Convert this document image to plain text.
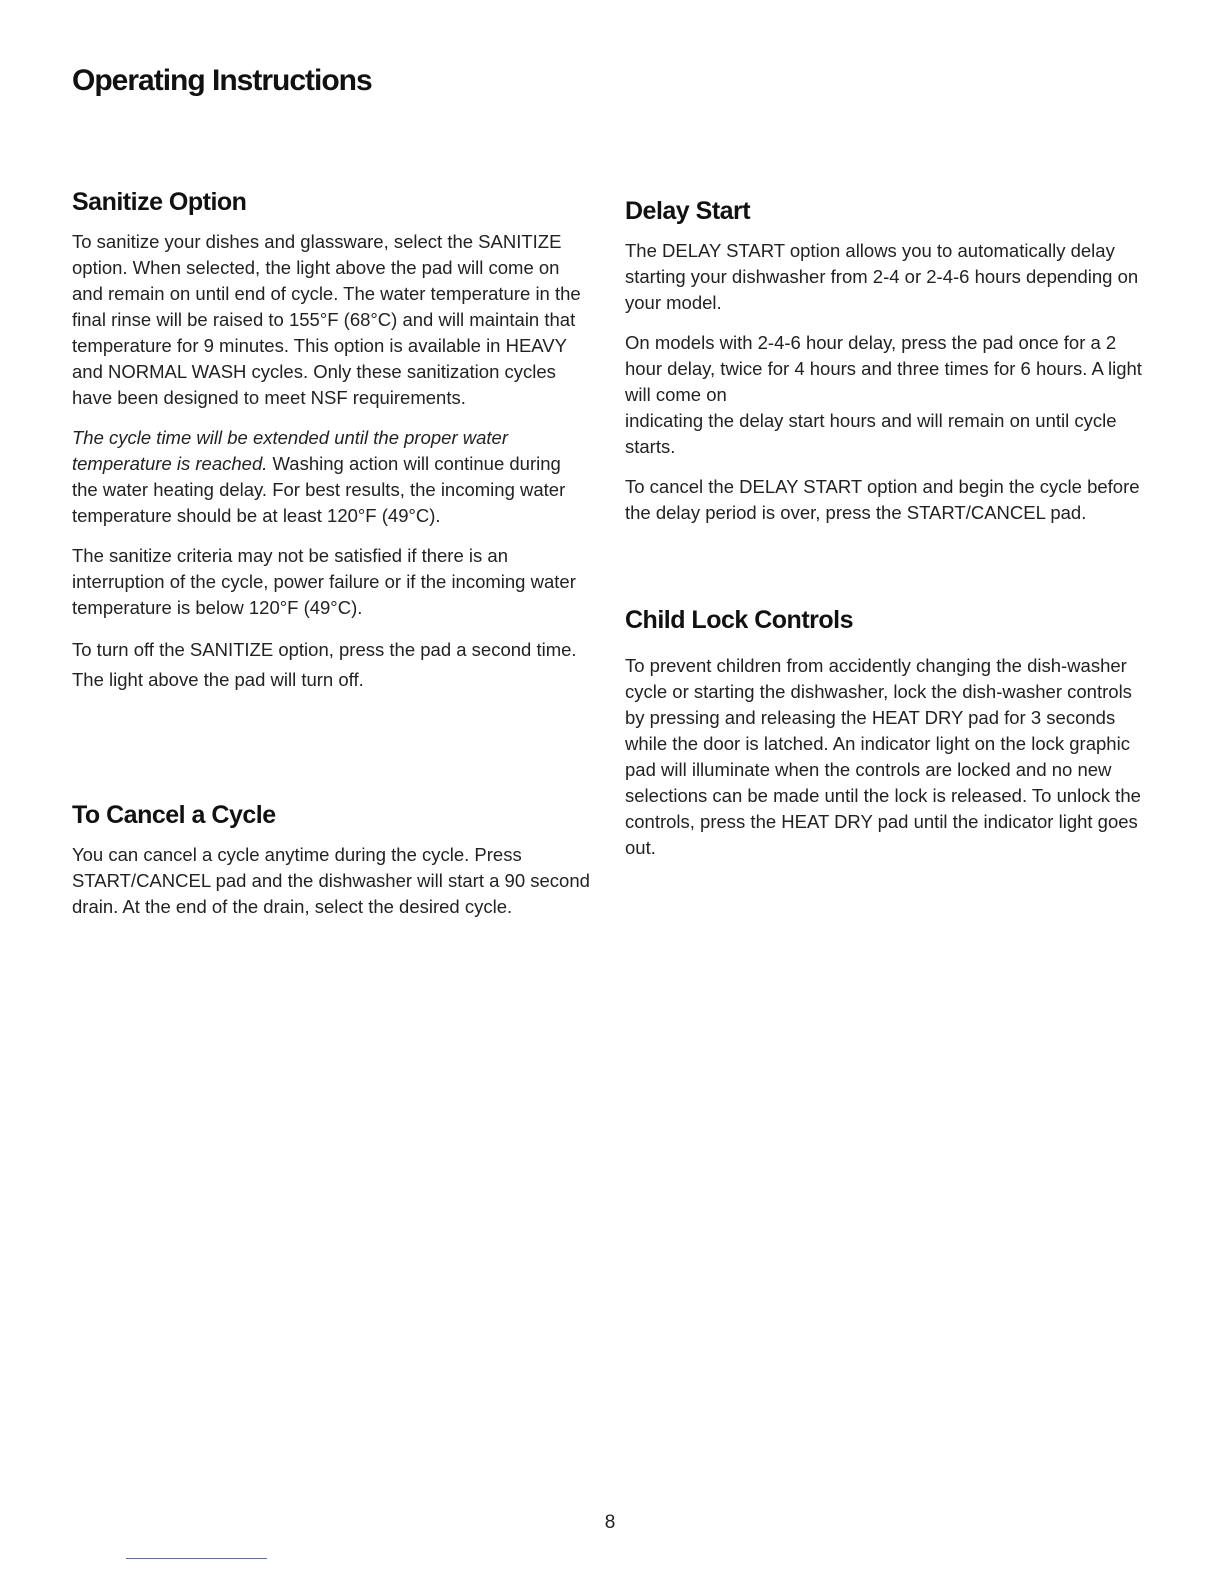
Operating Instructions
Sanitize Option

To sanitize your dishes and glassware, select the SANITIZE option. When selected, the light above the pad will come on and remain on until end of cycle. The water temperature in the final rinse will be raised to 155°F (68°C) and will maintain that temperature for 9 minutes. This option is available in HEAVY and NORMAL WASH cycles. Only these sanitization cycles have been designed to meet NSF requirements.

The cycle time will be extended until the proper water temperature is reached. Washing action will continue during the water heating delay. For best results, the incoming water temperature should be at least 120°F (49°C).

The sanitize criteria may not be satisfied if there is an interruption of the cycle, power failure or if the incoming water temperature is below 120°F (49°C).

To turn off the SANITIZE option, press the pad a second time. The light above the pad will turn off.

To Cancel a Cycle

You can cancel a cycle anytime during the cycle. Press START/CANCEL pad and the dishwasher will start a 90 second drain. At the end of the drain, select the desired cycle.

Delay Start

The DELAY START option allows you to automatically delay starting your dishwasher from 2-4 or 2-4-6 hours depending on your model.

On models with 2-4-6 hour delay, press the pad once for a 2 hour delay, twice for 4 hours and three times for 6 hours. A light will come on

indicating the delay start hours and will remain on until cycle starts.

To cancel the DELAY START option and begin the cycle before the delay period is over, press the START/CANCEL pad.

Child Lock Controls

To prevent children from accidently changing the dish-washer cycle or starting the dishwasher, lock the dish-washer controls by pressing and releasing the HEAT DRY pad for 3 seconds while the door is latched. An indicator light on the lock graphic pad will illuminate when the controls are locked and no new selections can be made until the lock is released. To unlock the controls, press the HEAT DRY pad until the indicator light goes out.

8
